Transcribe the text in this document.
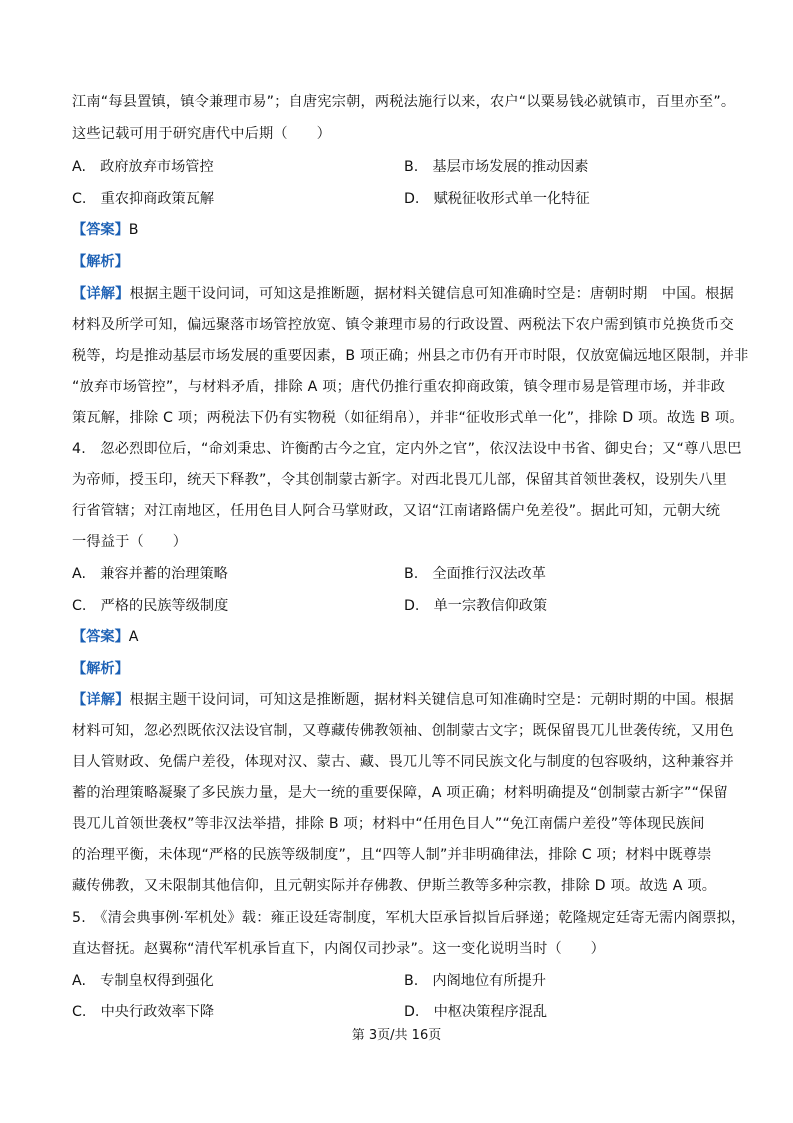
江南“每县置镇，镇令兼理市易”；自唐宪宗朝，两税法施行以来，农户“以粟易钱必就镇市，百里亦至”。
这些记载可用于研究唐代中后期（　　）
A.　政府放弃市场管控	B.　基层市场发展的推动因素
C.　重农抑商政策瓦解	D.　赋税征收形式单一化特征
【答案】B
【解析】
【详解】根据主题干设问词，可知这是推断题，据材料关键信息可知准确时空是：唐朝时期　中国。根据
材料及所学可知，偏远聚落市场管控放宽、镇令兼理市易的行政设置、两税法下农户需到镇市兑换货币交
税等，均是推动基层市场发展的重要因素，B 项正确；州县之市仍有开市时限，仅放宽偏远地区限制，并非
“放弃市场管控”，与材料矛盾，排除 A 项；唐代仍推行重农抑商政策，镇令理市易是管理市场，并非政
策瓦解，排除 C 项；两税法下仍有实物税（如征绢帛），并非“征收形式单一化”，排除 D 项。故选 B 项。
4.　忽必烈即位后，“命刘秉忠、许衡酌古今之宜，定内外之官”，依汉法设中书省、御史台；又“尊八思巴
为帝师，授玉印，统天下释教”，令其创制蒙古新字。对西北畏兀儿部，保留其首领世袭权，设别失八里
行省管辖；对江南地区，任用色目人阿合马掌财政，又诏“江南诸路儒户免差役”。据此可知，元朝大统
一得益于（　　）
A.　兼容并蓄的治理策略	B.　全面推行汉法改革
C.　严格的民族等级制度	D.　单一宗教信仰政策
【答案】A
【解析】
【详解】根据主题干设问词，可知这是推断题，据材料关键信息可知准确时空是：元朝时期的中国。根据
材料可知，忽必烈既依汉法设官制，又尊藏传佛教领袖、创制蒙古文字；既保留畏兀儿世袭传统，又用色
目人管财政、免儒户差役，体现对汉、蒙古、藏、畏兀儿等不同民族文化与制度的包容吸纳，这种兼容并
蓄的治理策略凝聚了多民族力量，是大一统的重要保障，A 项正确；材料明确提及“创制蒙古新字”“保留
畏兀儿首领世袭权”等非汉法举措，排除 B 项；材料中“任用色目人”“免江南儒户差役”等体现民族间
的治理平衡，未体现“严格的民族等级制度”，且“四等人制”并非明确律法，排除 C 项；材料中既尊崇
藏传佛教，又未限制其他信仰，且元朝实际并存佛教、伊斯兰教等多种宗教，排除 D 项。故选 A 项。
5.　《清会典事例·军机处》载：雍正设廷寄制度，军机大臣承旨拟旨后驿递；乾隆规定廷寄无需内阁票拟，
直达督抚。赵翼称“清代军机承旨直下，内阁仅司抄录”。这一变化说明当时（　　）
A.　专制皇权得到强化	B.　内阁地位有所提升
C.　中央行政效率下降	D.　中枢决策程序混乱
第 3页/共 16页
